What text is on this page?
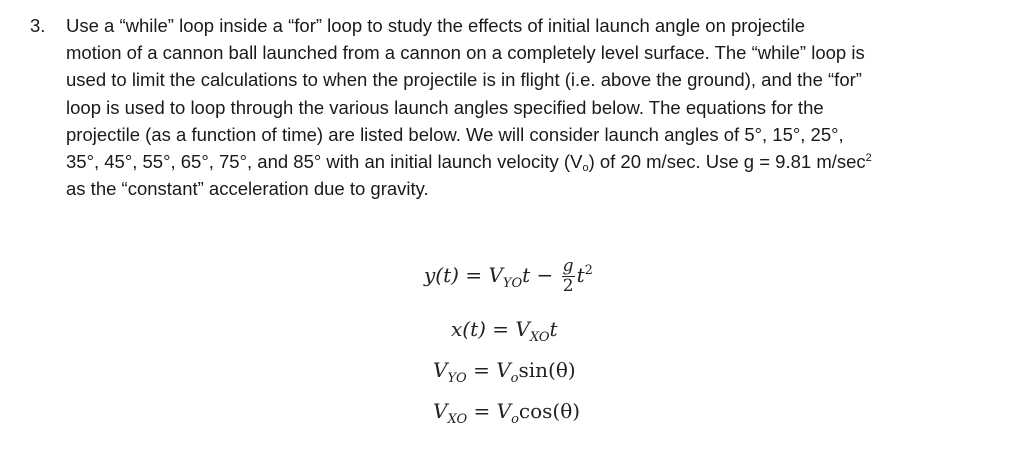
3. Use a “while” loop inside a “for” loop to study the effects of initial launch angle on projectile
motion of a cannon ball launched from a cannon on a completely level surface. The “while” loop is
used to limit the calculations to when the projectile is in flight (i.e. above the ground), and the “for”
loop is used to loop through the various launch angles specified below. The equations for the
projectile (as a function of time) are listed below. We will consider launch angles of 5°, 15°, 25°,
35°, 45°, 55°, 65°, 75°, and 85° with an initial launch velocity $(V_o)$ of 20 m/sec. Use g = 9.81 $m/\sec^2$
as the “constant” acceleration due to gravity.
$y(t) = V_{YO}t - \frac{g}{2} t^2$
$x(t) = V_{XO}t$
$V_{YO} = V_o\sin(\theta)$
$V_{XO} = V_o\cos(\theta)$
